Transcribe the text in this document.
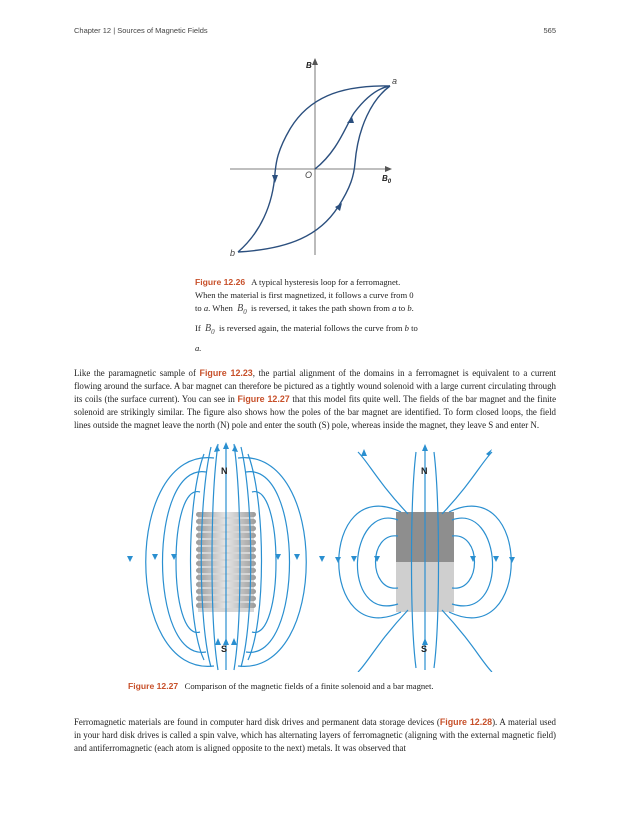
Chapter 12 | Sources of Magnetic Fields	565
B
$B_0$
O
a
b
Figure 12.26 A typical hysteresis loop for a ferromagnet.
When the material is first magnetized, it follows a curve from 0
to a. When $B_0$ is reversed, it takes the path shown from a to b.
If $B_0$ is reversed again, the material follows the curve from b to
a.
Like the paramagnetic sample of Figure 12.23, the partial alignment of the domains in a ferromagnet is equivalent to a current flowing around the surface. A bar magnet can therefore be pictured as a tightly wound solenoid with a large current circulating through its coils (the surface current). You can see in Figure 12.27 that this model fits quite well. The fields of the bar magnet and the finite solenoid are strikingly similar. The figure also shows how the poles of the bar magnet are identified. To form closed loops, the field lines outside the magnet leave the north (N) pole and enter the south (S) pole, whereas inside the magnet, they leave S and enter N.
N
S
N
S
Figure 12.27 Comparison of the magnetic fields of a finite solenoid and a bar magnet.
Ferromagnetic materials are found in computer hard disk drives and permanent data storage devices (Figure 12.28). A material used in your hard disk drives is called a spin valve, which has alternating layers of ferromagnetic (aligning with the external magnetic field) and antiferromagnetic (each atom is aligned opposite to the next) metals. It was observed that
